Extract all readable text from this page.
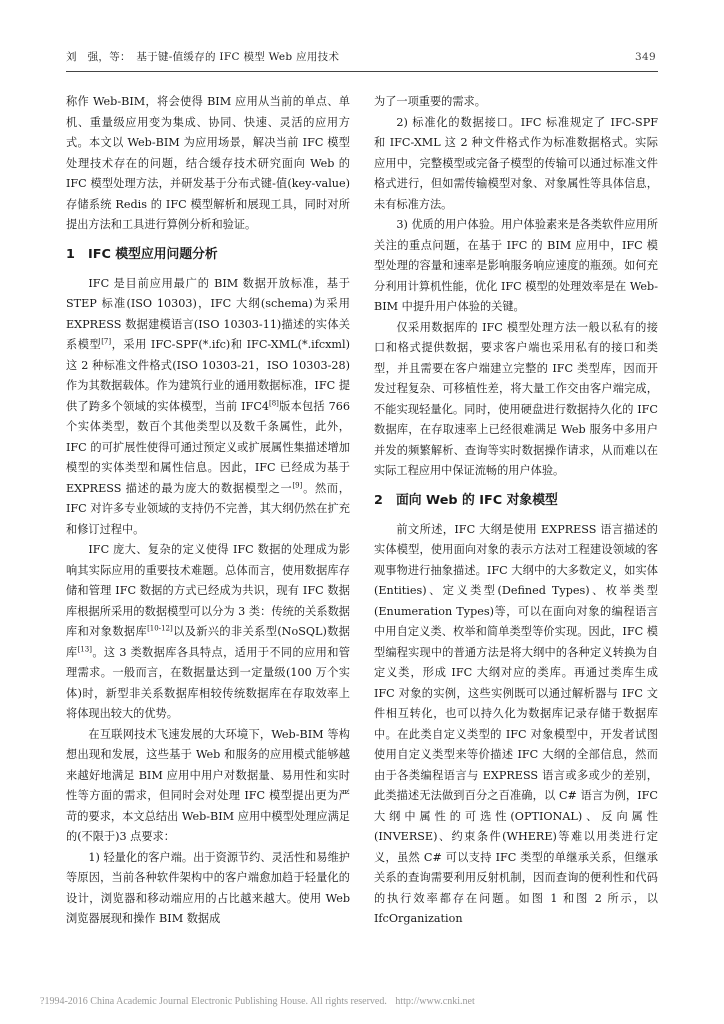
刘　强，等：　基于键-值缓存的 IFC 模型 Web 应用技术	349

称作 Web-BIM，将会使得 BIM 应用从当前的单点、单机、重量级应用变为集成、协同、快速、灵活的应用方式。本文以 Web-BIM 为应用场景，解决当前 IFC 模型处理技术存在的问题，结合缓存技术研究面向 Web 的 IFC 模型处理方法，并研发基于分布式键-值(key-value)存储系统 Redis 的 IFC 模型解析和展现工具，同时对所提出方法和工具进行算例分析和验证。

1 IFC 模型应用问题分析

IFC 是目前应用最广的 BIM 数据开放标准，基于 STEP 标准(ISO 10303)，IFC 大纲(schema)为采用 EXPRESS 数据建模语言(ISO 10303-11)描述的实体关系模型[7]，采用 IFC-SPF(*.ifc)和 IFC-XML(*.ifcxml)这 2 种标准文件格式(ISO 10303-21，ISO 10303-28)作为其数据载体。作为建筑行业的通用数据标准，IFC 提供了跨多个领域的实体模型，当前 IFC4[8]版本包括 766 个实体类型，数百个其他类型以及数千条属性，此外，IFC 的可扩展性使得可通过预定义或扩展属性集描述增加模型的实体类型和属性信息。因此，IFC 已经成为基于 EXPRESS 描述的最为庞大的数据模型之一[9]。然而，IFC 对许多专业领域的支持仍不完善，其大纲仍然在扩充和修订过程中。

IFC 庞大、复杂的定义使得 IFC 数据的处理成为影响其实际应用的重要技术难题。总体而言，使用数据库存储和管理 IFC 数据的方式已经成为共识，现有 IFC 数据库根据所采用的数据模型可以分为 3 类：传统的关系数据库和对象数据库[10-12]以及新兴的非关系型(NoSQL)数据库[13]。这 3 类数据库各具特点，适用于不同的应用和管理需求。一般而言，在数据量达到一定量级(100 万个实体)时，新型非关系数据库相较传统数据库在存取效率上将体现出较大的优势。

在互联网技术飞速发展的大环境下，Web-BIM 等构想出现和发展，这些基于 Web 和服务的应用模式能够越来越好地满足 BIM 应用中用户对数据量、易用性和实时性等方面的需求，但同时会对处理 IFC 模型提出更为严苛的要求，本文总结出 Web-BIM 应用中模型处理应满足的(不限于)3 点要求：

1) 轻量化的客户端。出于资源节约、灵活性和易维护等原因，当前各种软件架构中的客户端愈加趋于轻量化的设计，浏览器和移动端应用的占比越来越大。使用 Web 浏览器展现和操作 BIM 数据成

为了一项重要的需求。

2) 标准化的数据接口。IFC 标准规定了 IFC-SPF 和 IFC-XML 这 2 种文件格式作为标准数据格式。实际应用中，完整模型或完备子模型的传输可以通过标准文件格式进行，但如需传输模型对象、对象属性等具体信息，未有标准方法。

3) 优质的用户体验。用户体验素来是各类软件应用所关注的重点问题，在基于 IFC 的 BIM 应用中，IFC 模型处理的容量和速率是影响服务响应速度的瓶颈。如何充分利用计算机性能，优化 IFC 模型的处理效率是在 Web-BIM 中提升用户体验的关键。

仅采用数据库的 IFC 模型处理方法一般以私有的接口和格式提供数据，要求客户端也采用私有的接口和类型，并且需要在客户端建立完整的 IFC 类型库，因而开发过程复杂、可移植性差，将大量工作交由客户端完成，不能实现轻量化。同时，使用硬盘进行数据持久化的 IFC 数据库，在存取速率上已经很难满足 Web 服务中多用户并发的频繁解析、查询等实时数据操作请求，从而难以在实际工程应用中保证流畅的用户体验。

2 面向 Web 的 IFC 对象模型

前文所述，IFC 大纲是使用 EXPRESS 语言描述的实体模型，使用面向对象的表示方法对工程建设领域的客观事物进行抽象描述。IFC 大纲中的大多数定义，如实体(Entities)、定义类型(Defined Types)、枚举类型(Enumeration Types)等，可以在面向对象的编程语言中用自定义类、枚举和简单类型等价实现。因此，IFC 模型编程实现中的普通方法是将大纲中的各种定义转换为自定义类，形成 IFC 大纲对应的类库。再通过类库生成 IFC 对象的实例，这些实例既可以通过解析器与 IFC 文件相互转化，也可以持久化为数据库记录存储于数据库中。在此类自定义类型的 IFC 对象模型中，开发者试图使用自定义类型来等价描述 IFC 大纲的全部信息，然而由于各类编程语言与 EXPRESS 语言或多或少的差别，此类描述无法做到百分之百准确，以 C# 语言为例，IFC 大纲中属性的可选性(OPTIONAL)、反向属性(INVERSE)、约束条件(WHERE)等难以用类进行定义，虽然 C# 可以支持 IFC 类型的单继承关系，但继承关系的查询需要利用反射机制，因而查询的便利性和代码的执行效率都存在问题。如图 1 和图 2 所示，以 IfcOrganization

?1994-2016 China Academic Journal Electronic Publishing House. All rights reserved. http://www.cnki.net
